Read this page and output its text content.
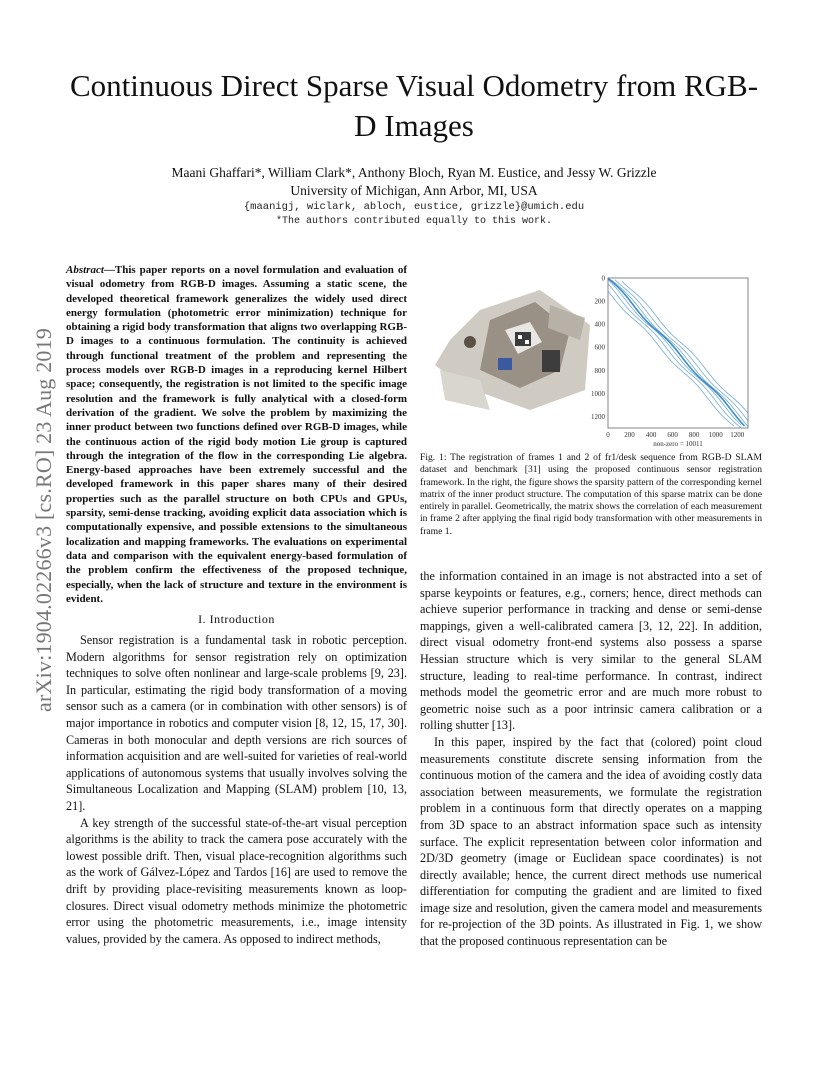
arXiv:1904.02266v3 [cs.RO] 23 Aug 2019
Continuous Direct Sparse Visual Odometry from RGB-D Images
Maani Ghaffari*, William Clark*, Anthony Bloch, Ryan M. Eustice, and Jessy W. Grizzle
University of Michigan, Ann Arbor, MI, USA
{maanigj, wiclark, abloch, eustice, grizzle}@umich.edu
*The authors contributed equally to this work.
Abstract—This paper reports on a novel formulation and evaluation of visual odometry from RGB-D images. Assuming a static scene, the developed theoretical framework generalizes the widely used direct energy formulation (photometric error minimization) technique for obtaining a rigid body transformation that aligns two overlapping RGB-D images to a continuous formulation. The continuity is achieved through functional treatment of the problem and representing the process models over RGB-D images in a reproducing kernel Hilbert space; consequently, the registration is not limited to the specific image resolution and the framework is fully analytical with a closed-form derivation of the gradient. We solve the problem by maximizing the inner product between two functions defined over RGB-D images, while the continuous action of the rigid body motion Lie group is captured through the integration of the flow in the corresponding Lie algebra. Energy-based approaches have been extremely successful and the developed framework in this paper shares many of their desired properties such as the parallel structure on both CPUs and GPUs, sparsity, semi-dense tracking, avoiding explicit data association which is computationally expensive, and possible extensions to the simultaneous localization and mapping frameworks. The evaluations on experimental data and comparison with the equivalent energy-based formulation of the problem confirm the effectiveness of the proposed technique, especially, when the lack of structure and texture in the environment is evident.
I. Introduction

Sensor registration is a fundamental task in robotic perception. Modern algorithms for sensor registration rely on optimization techniques to solve often nonlinear and large-scale problems [9, 23]. In particular, estimating the rigid body transformation of a moving sensor such as a camera (or in combination with other sensors) is of major importance in robotics and computer vision [8, 12, 15, 17, 30]. Cameras in both monocular and depth versions are rich sources of information acquisition and are well-suited for varieties of real-world applications of autonomous systems that usually involves solving the Simultaneous Localization and Mapping (SLAM) problem [10, 13, 21].

A key strength of the successful state-of-the-art visual perception algorithms is the ability to track the camera pose accurately with the lowest possible drift. Then, visual place-recognition algorithms such as the work of Gálvez-López and Tardos [16] are used to remove the drift by providing place-revisiting measurements known as loop-closures. Direct visual odometry methods minimize the photometric error using the photometric measurements, i.e., image intensity values, provided by the camera. As opposed to indirect methods,

0
200
400
600
800
1000
1200
0 200 400 600 800 1000 1200
non-zero = 10011
Fig. 1: The registration of frames 1 and 2 of fr1/desk sequence from RGB-D SLAM dataset and benchmark [31] using the proposed continuous sensor registration framework. In the right, the figure shows the sparsity pattern of the corresponding kernel matrix of the inner product structure. The computation of this sparse matrix can be done entirely in parallel. Geometrically, the matrix shows the correlation of each measurement in frame 2 after applying the final rigid body transformation with other measurements in frame 1.

the information contained in an image is not abstracted into a set of sparse keypoints or features, e.g., corners; hence, direct methods can achieve superior performance in tracking and dense or semi-dense mappings, given a well-calibrated camera [3, 12, 22]. In addition, direct visual odometry front-end systems also possess a sparse Hessian structure which is very similar to the general SLAM structure, leading to real-time performance. In contrast, indirect methods model the geometric error and are much more robust to geometric noise such as a poor intrinsic camera calibration or a rolling shutter [13].

In this paper, inspired by the fact that (colored) point cloud measurements constitute discrete sensing information from the continuous motion of the camera and the idea of avoiding costly data association between measurements, we formulate the registration problem in a continuous form that directly operates on a mapping from 3D space to an abstract information space such as intensity surface. The explicit representation between color information and 2D/3D geometry (image or Euclidean space coordinates) is not directly available; hence, the current direct methods use numerical differentiation for computing the gradient and are limited to fixed image size and resolution, given the camera model and measurements for re-projection of the 3D points. As illustrated in Fig. 1, we show that the proposed continuous representation can be
